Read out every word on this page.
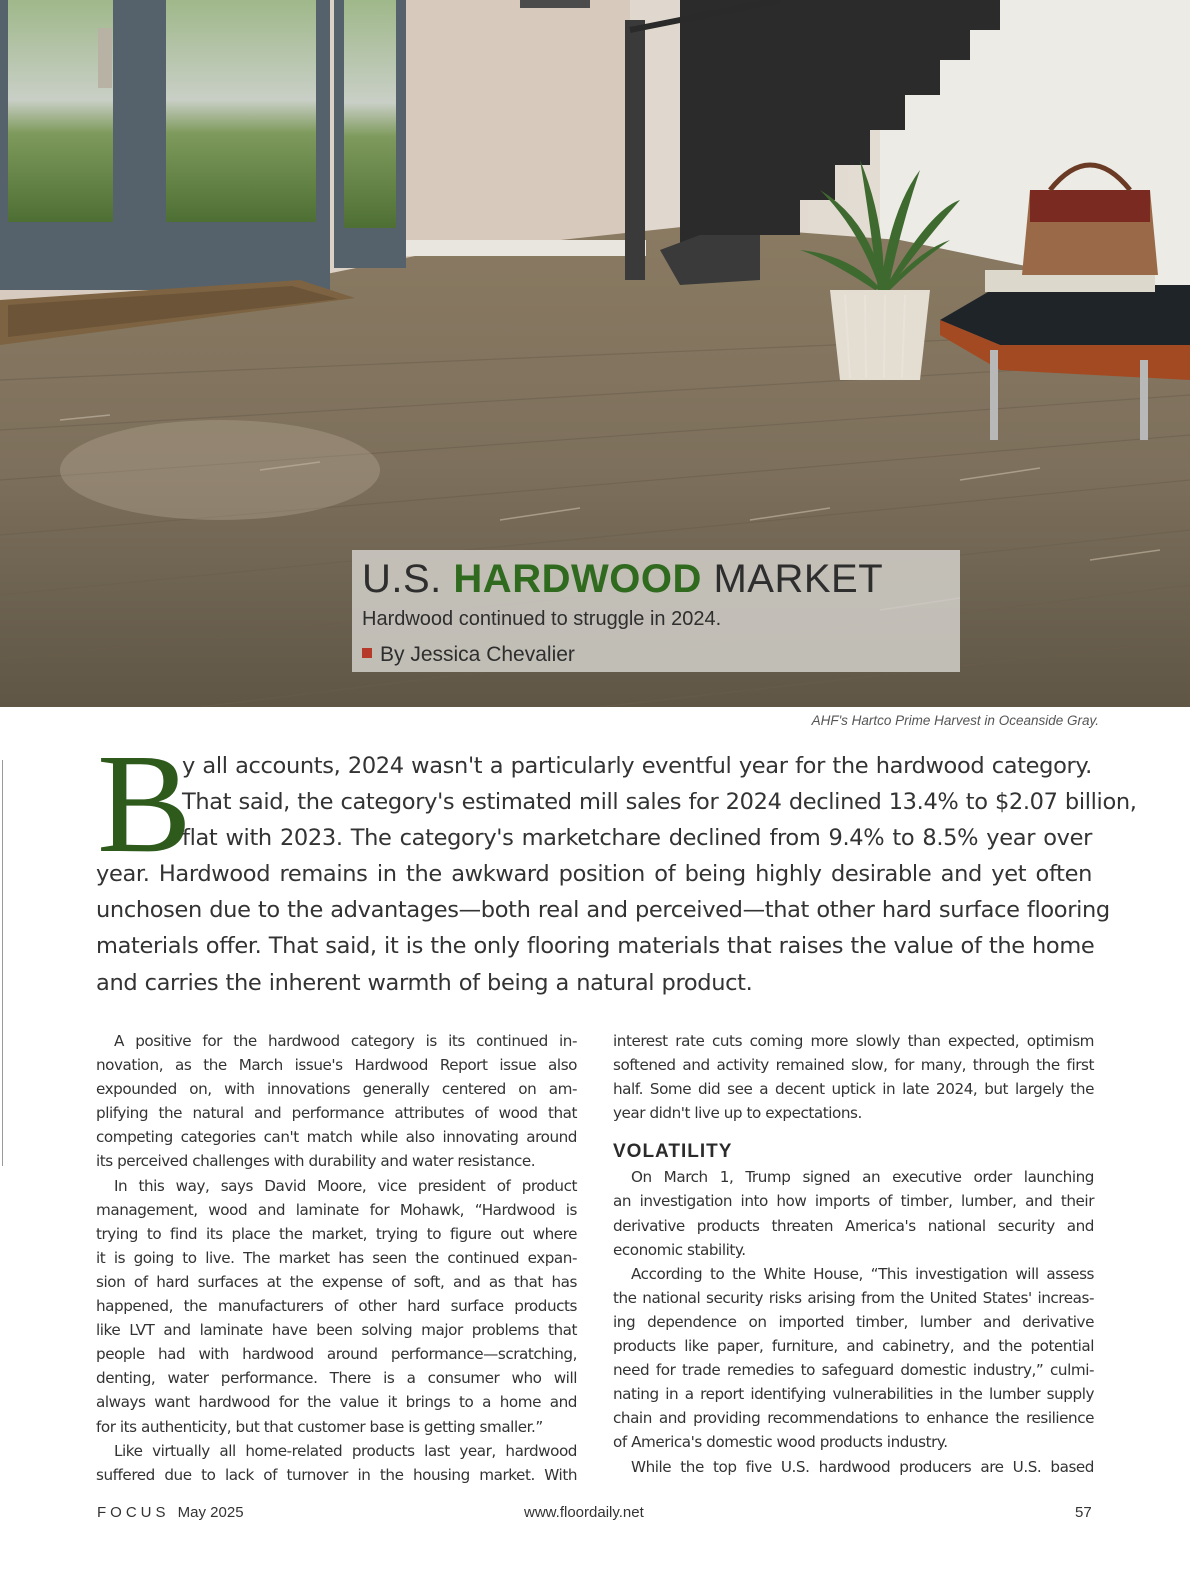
U.S. HARDWOOD MARKET
Hardwood continued to struggle in 2024.
By Jessica Chevalier
AHF's Hartco Prime Harvest in Oceanside Gray.
B
y all accounts, 2024 wasn't a particularly eventful year for the hardwood category.
That said, the category's estimated mill sales for 2024 declined 13.4% to $2.07 billion,
flat with 2023. The category's marketchare declined from 9.4% to 8.5% year over
year. Hardwood remains in the awkward position of being highly desirable and yet often
unchosen due to the advantages—both real and perceived—that other hard surface flooring
materials offer. That said, it is the only flooring materials that raises the value of the home
and carries the inherent warmth of being a natural product.
A positive for the hardwood category is its continued in-
novation, as the March issue's Hardwood Report issue also
expounded on, with innovations generally centered on am-
plifying the natural and performance attributes of wood that
competing categories can't match while also innovating around
its perceived challenges with durability and water resistance.
In this way, says David Moore, vice president of product
management, wood and laminate for Mohawk, “Hardwood is
trying to find its place the market, trying to figure out where
it is going to live. The market has seen the continued expan-
sion of hard surfaces at the expense of soft, and as that has
happened, the manufacturers of other hard surface products
like LVT and laminate have been solving major problems that
people had with hardwood around performance—scratching,
denting, water performance. There is a consumer who will
always want hardwood for the value it brings to a home and
for its authenticity, but that customer base is getting smaller.”
Like virtually all home-related products last year, hardwood
suffered due to lack of turnover in the housing market. With
interest rate cuts coming more slowly than expected, optimism
softened and activity remained slow, for many, through the first
half. Some did see a decent uptick in late 2024, but largely the
year didn't live up to expectations.
VOLATILITY
On March 1, Trump signed an executive order launching
an investigation into how imports of timber, lumber, and their
derivative products threaten America's national security and
economic stability.
According to the White House, “This investigation will assess
the national security risks arising from the United States' increas-
ing dependence on imported timber, lumber and derivative
products like paper, furniture, and cabinetry, and the potential
need for trade remedies to safeguard domestic industry,” culmi-
nating in a report identifying vulnerabilities in the lumber supply
chain and providing recommendations to enhance the resilience
of America's domestic wood products industry.
While the top five U.S. hardwood producers are U.S. based
FOCUS May 2025	www.floordaily.net	57
